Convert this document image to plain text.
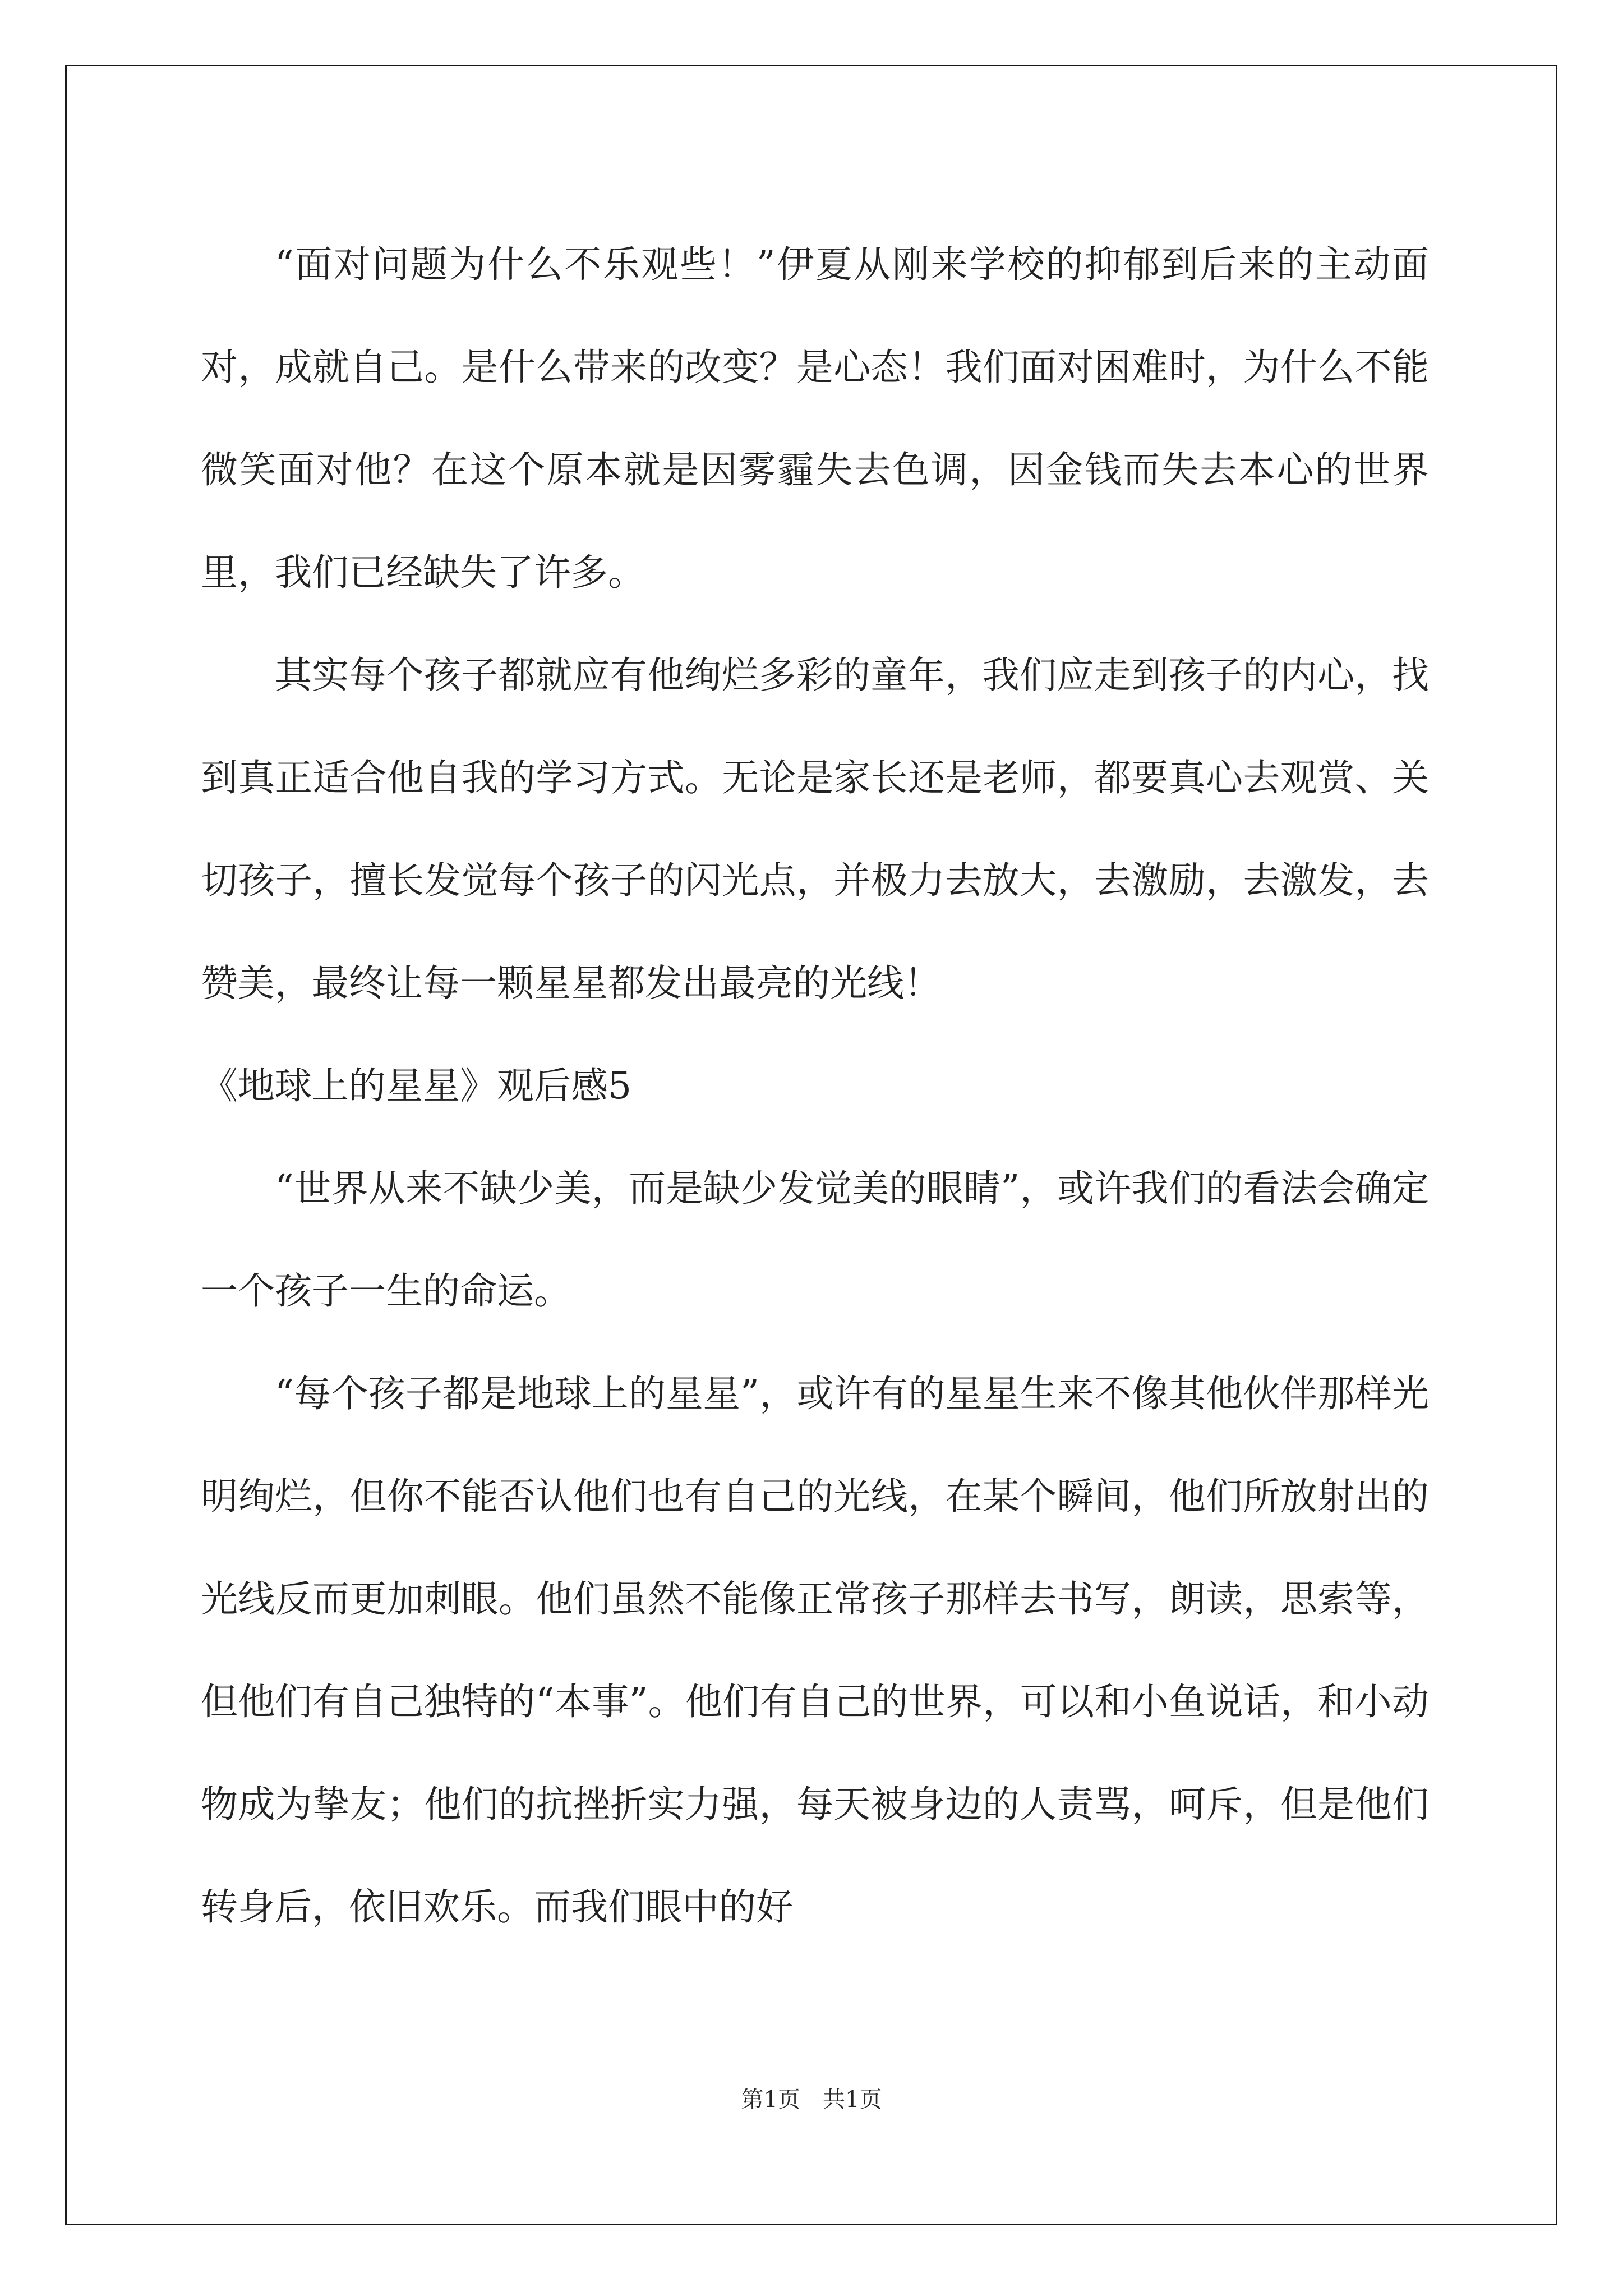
“面对问题为什么不乐观些！”伊夏从刚来学校的抑郁到后来的主动面对，成就自己。是什么带来的改变？是心态！我们面对困难时，为什么不能微笑面对他？在这个原本就是因雾霾失去色调，因金钱而失去本心的世界里，我们已经缺失了许多。

其实每个孩子都就应有他绚烂多彩的童年，我们应走到孩子的内心，找到真正适合他自我的学习方式。无论是家长还是老师，都要真心去观赏、关切孩子，擅长发觉每个孩子的闪光点，并极力去放大，去激励，去激发，去赞美，最终让每一颗星星都发出最亮的光线！

《地球上的星星》观后感5

“世界从来不缺少美，而是缺少发觉美的眼睛”，或许我们的看法会确定一个孩子一生的命运。

“每个孩子都是地球上的星星”，或许有的星星生来不像其他伙伴那样光明绚烂，但你不能否认他们也有自己的光线，在某个瞬间，他们所放射出的光线反而更加刺眼。他们虽然不能像正常孩子那样去书写，朗读，思索等，但他们有自己独特的“本事”。他们有自己的世界，可以和小鱼说话，和小动物成为挚友；他们的抗挫折实力强，每天被身边的人责骂，呵斥，但是他们转身后，依旧欢乐。而我们眼中的好

第1页　共1页
